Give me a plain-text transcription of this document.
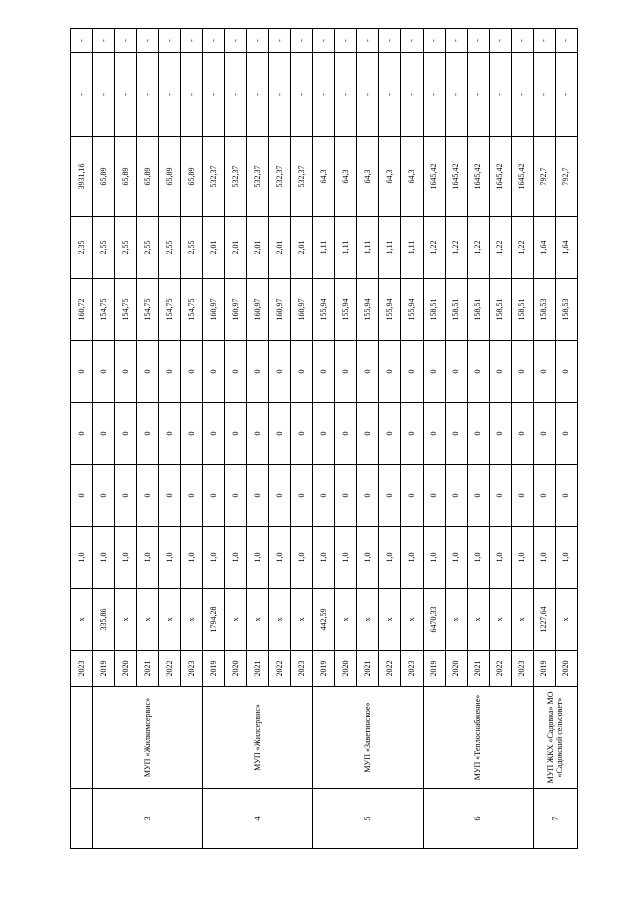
		2023	x	1,0	0	0	0	160,72	2,35	3931,16	-	-
3	МУП «Жилкомсервис»	2019	335,86	1,0	0	0	0	154,75	2,55	65,89	-	-
		2020	x	1,0	0	0	0	154,75	2,55	65,89	-	-
		2021	x	1,0	0	0	0	154,75	2,55	65,89	-	-
		2022	x	1,0	0	0	0	154,75	2,55	65,89	-	-
		2023	x	1,0	0	0	0	154,75	2,55	65,89	-	-
4	МУП «Жилсервис»	2019	1794,28	1,0	0	0	0	160,97	2,01	532,37	-	-
		2020	x	1,0	0	0	0	160,97	2,01	532,37	-	-
		2021	x	1,0	0	0	0	160,97	2,01	532,37	-	-
		2022	x	1,0	0	0	0	160,97	2,01	532,37	-	-
		2023	x	1,0	0	0	0	160,97	2,01	532,37	-	-
5	МУП «Заветинское»	2019	442,59	1,0	0	0	0	155,94	1,11	64,3	-	-
		2020	x	1,0	0	0	0	155,94	1,11	64,3	-	-
		2021	x	1,0	0	0	0	155,94	1,11	64,3	-	-
		2022	x	1,0	0	0	0	155,94	1,11	64,3	-	-
		2023	x	1,0	0	0	0	155,94	1,11	64,3	-	-
6	МУП «Теплоснабжение»	2019	6470,33	1,0	0	0	0	158,51	1,22	1645,42	-	-
		2020	x	1,0	0	0	0	158,51	1,22	1645,42	-	-
		2021	x	1,0	0	0	0	158,51	1,22	1645,42	-	-
		2022	x	1,0	0	0	0	158,51	1,22	1645,42	-	-
		2023	x	1,0	0	0	0	158,51	1,22	1645,42	-	-
7	МУП ЖКХ «Садовка» МО «Садовский сельсовет»	2019	1227,64	1,0	0	0	0	158,53	1,64	792,7	-	-
		2020	x	1,0	0	0	0	158,53	1,64	792,7	-	-
